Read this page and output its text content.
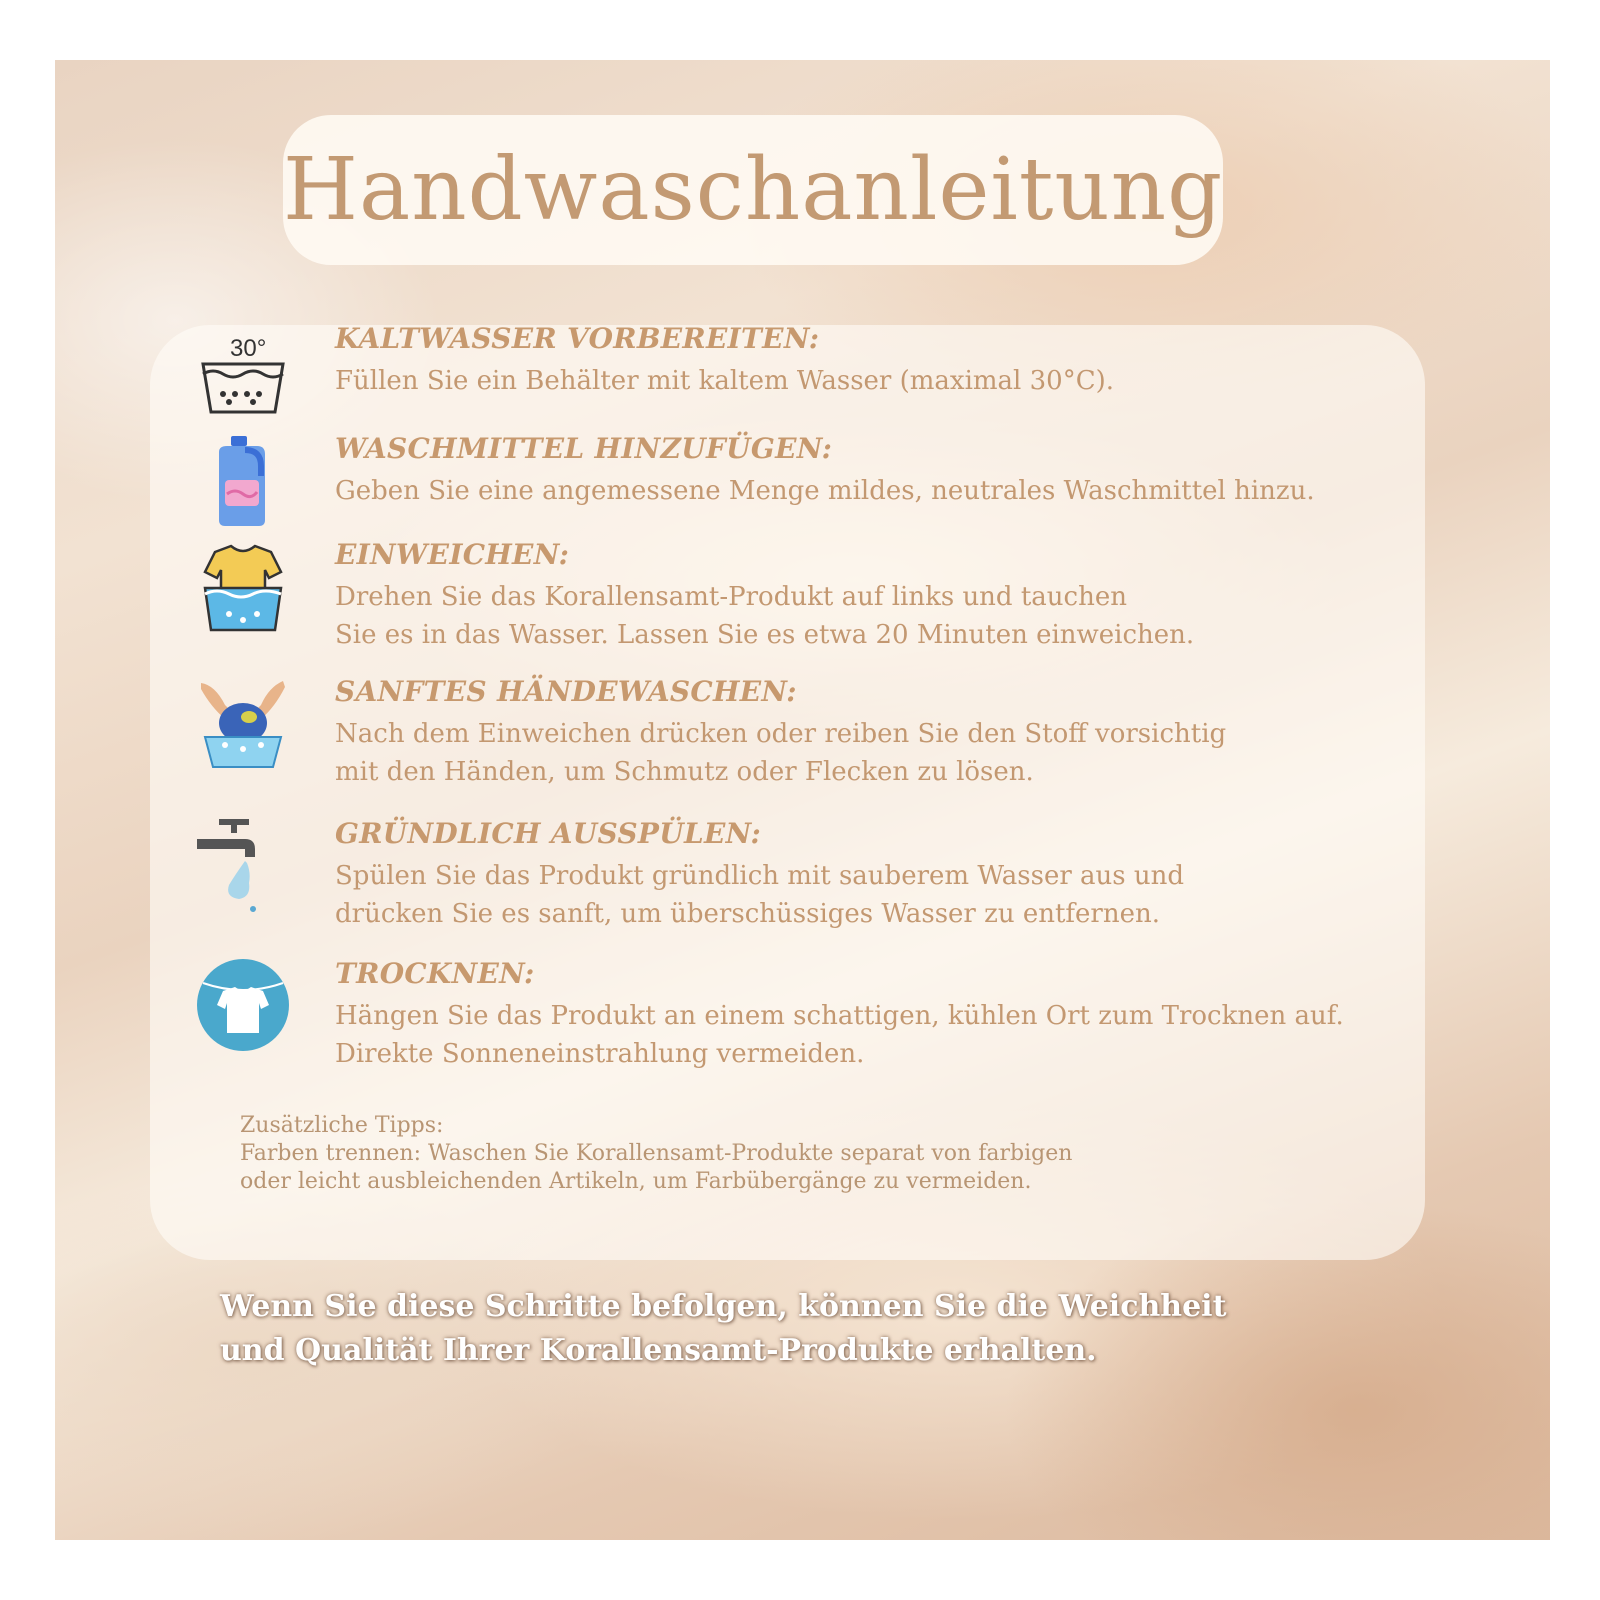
Handwaschanleitung
30° KALTWASSER VORBEREITEN:

Füllen Sie ein Behälter mit kaltem Wasser (maximal 30°C).

WASCHMITTEL HINZUFÜGEN:

Geben Sie eine angemessene Menge mildes, neutrales Waschmittel hinzu.

EINWEICHEN:

Drehen Sie das Korallensamt-Produkt auf links und tauchen
Sie es in das Wasser. Lassen Sie es etwa 20 Minuten einweichen.

SANFTES HÄNDEWASCHEN:

Nach dem Einweichen drücken oder reiben Sie den Stoff vorsichtig
mit den Händen, um Schmutz oder Flecken zu lösen.

GRÜNDLICH AUSSPÜLEN:

Spülen Sie das Produkt gründlich mit sauberem Wasser aus und
drücken Sie es sanft, um überschüssiges Wasser zu entfernen.

TROCKNEN:

Hängen Sie das Produkt an einem schattigen, kühlen Ort zum Trocknen auf.
Direkte Sonneneinstrahlung vermeiden.

Zusätzliche Tipps:

Farben trennen: Waschen Sie Korallensamt-Produkte separat von farbigen

oder leicht ausbleichenden Artikeln, um Farbübergänge zu vermeiden.

Wenn Sie diese Schritte befolgen, können Sie die Weichheit

und Qualität Ihrer Korallensamt-Produkte erhalten.
